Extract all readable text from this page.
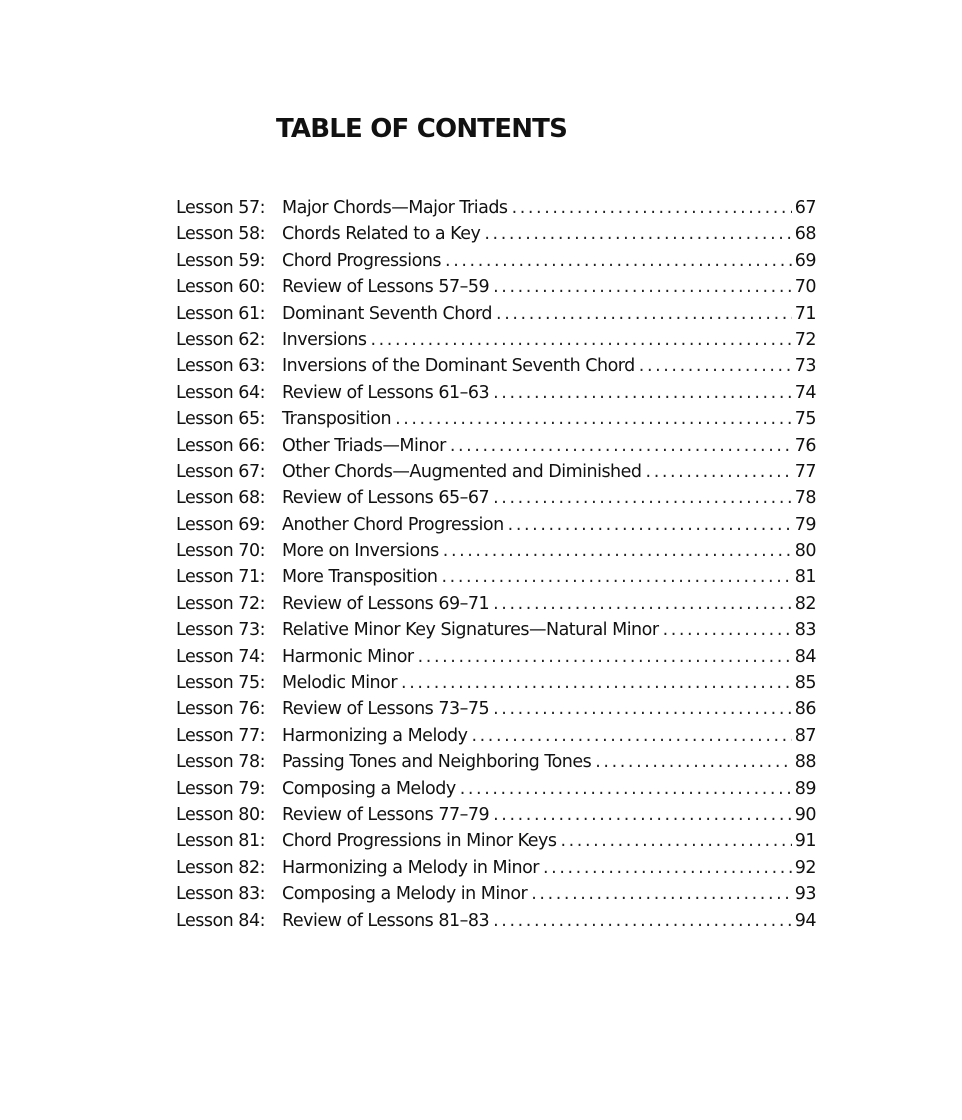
TABLE OF CONTENTS
Lesson 57: Major Chords—Major Triads .....	67
Lesson 58: Chords Related to a Key .....	68
Lesson 59: Chord Progressions .....	69
Lesson 60: Review of Lessons 57–59 .....	70
Lesson 61: Dominant Seventh Chord .....	71
Lesson 62: Inversions .....	72
Lesson 63: Inversions of the Dominant Seventh Chord .....	73
Lesson 64: Review of Lessons 61–63 .....	74
Lesson 65: Transposition .....	75
Lesson 66: Other Triads—Minor .....	76
Lesson 67: Other Chords—Augmented and Diminished .....	77
Lesson 68: Review of Lessons 65–67 .....	78
Lesson 69: Another Chord Progression .....	79
Lesson 70: More on Inversions .....	80
Lesson 71: More Transposition .....	81
Lesson 72: Review of Lessons 69–71 .....	82
Lesson 73: Relative Minor Key Signatures—Natural Minor .....	83
Lesson 74: Harmonic Minor .....	84
Lesson 75: Melodic Minor .....	85
Lesson 76: Review of Lessons 73–75 .....	86
Lesson 77: Harmonizing a Melody .....	87
Lesson 78: Passing Tones and Neighboring Tones .....	88
Lesson 79: Composing a Melody .....	89
Lesson 80: Review of Lessons 77–79 .....	90
Lesson 81: Chord Progressions in Minor Keys .....	91
Lesson 82: Harmonizing a Melody in Minor .....	92
Lesson 83: Composing a Melody in Minor .....	93
Lesson 84: Review of Lessons 81–83 .....	94
